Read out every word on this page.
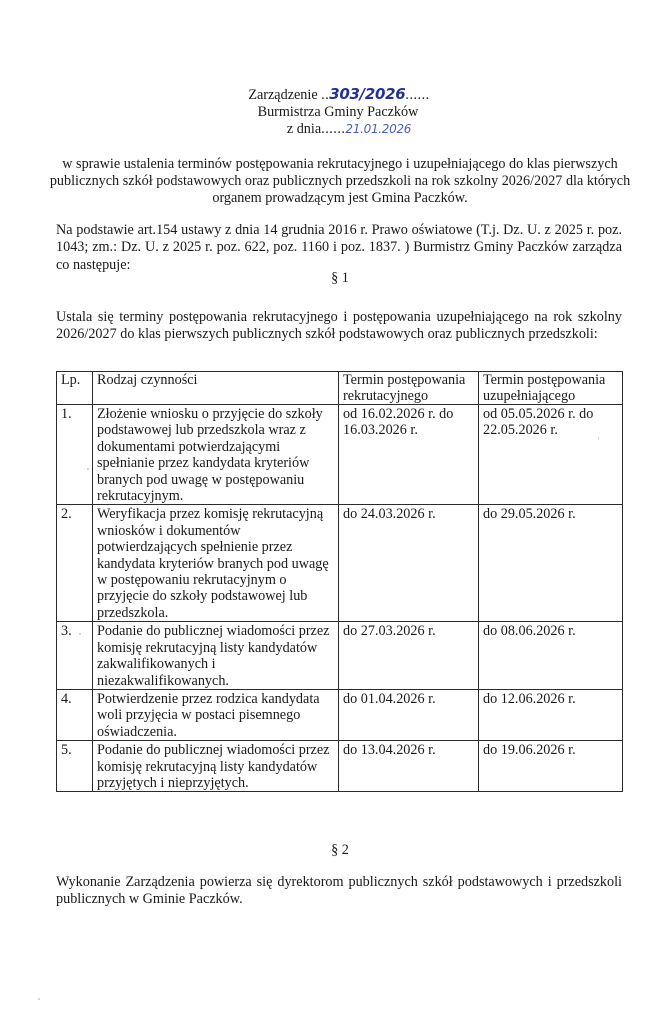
Zarządzenie ..303/2026......
Burmistrza Gminy Paczków
z dnia......21.01.2026
w sprawie ustalenia terminów postępowania rekrutacyjnego i uzupełniającego do klas pierwszych publicznych szkół podstawowych oraz publicznych przedszkoli na rok szkolny 2026/2027 dla których organem prowadzącym jest Gmina Paczków.
Na podstawie art.154 ustawy z dnia 14 grudnia 2016 r. Prawo oświatowe (T.j. Dz. U. z 2025 r. poz. 1043; zm.: Dz. U. z 2025 r. poz. 622, poz. 1160 i poz. 1837. ) Burmistrz Gminy Paczków zarządza co następuje:
§ 1
Ustala się terminy postępowania rekrutacyjnego i postępowania uzupełniającego na rok szkolny 2026/2027 do klas pierwszych publicznych szkół podstawowych oraz publicznych przedszkoli:
Lp.	Rodzaj czynności	Termin postępowania rekrutacyjnego	Termin postępowania uzupełniającego
1.	Złożenie wniosku o przyjęcie do szkoły podstawowej lub przedszkola wraz z dokumentami potwierdzającymi spełnianie przez kandydata kryteriów branych pod uwagę w postępowaniu rekrutacyjnym.	od 16.02.2026 r. do 16.03.2026 r.	od 05.05.2026 r. do 22.05.2026 r.
2.	Weryfikacja przez komisję rekrutacyjną wniosków i dokumentów potwierdzających spełnienie przez kandydata kryteriów branych pod uwagę w postępowaniu rekrutacyjnym o przyjęcie do szkoły podstawowej lub przedszkola.	do 24.03.2026 r.	do 29.05.2026 r.
3.	Podanie do publicznej wiadomości przez komisję rekrutacyjną listy kandydatów zakwalifikowanych i niezakwalifikowanych.	do 27.03.2026 r.	do 08.06.2026 r.
4.	Potwierdzenie przez rodzica kandydata woli przyjęcia w postaci pisemnego oświadczenia.	do 01.04.2026 r.	do 12.06.2026 r.
5.	Podanie do publicznej wiadomości przez komisję rekrutacyjną listy kandydatów przyjętych i nieprzyjętych.	do 13.04.2026 r.	do 19.06.2026 r.
§ 2
Wykonanie Zarządzenia powierza się dyrektorom publicznych szkół podstawowych i przedszkoli publicznych w Gminie Paczków.
